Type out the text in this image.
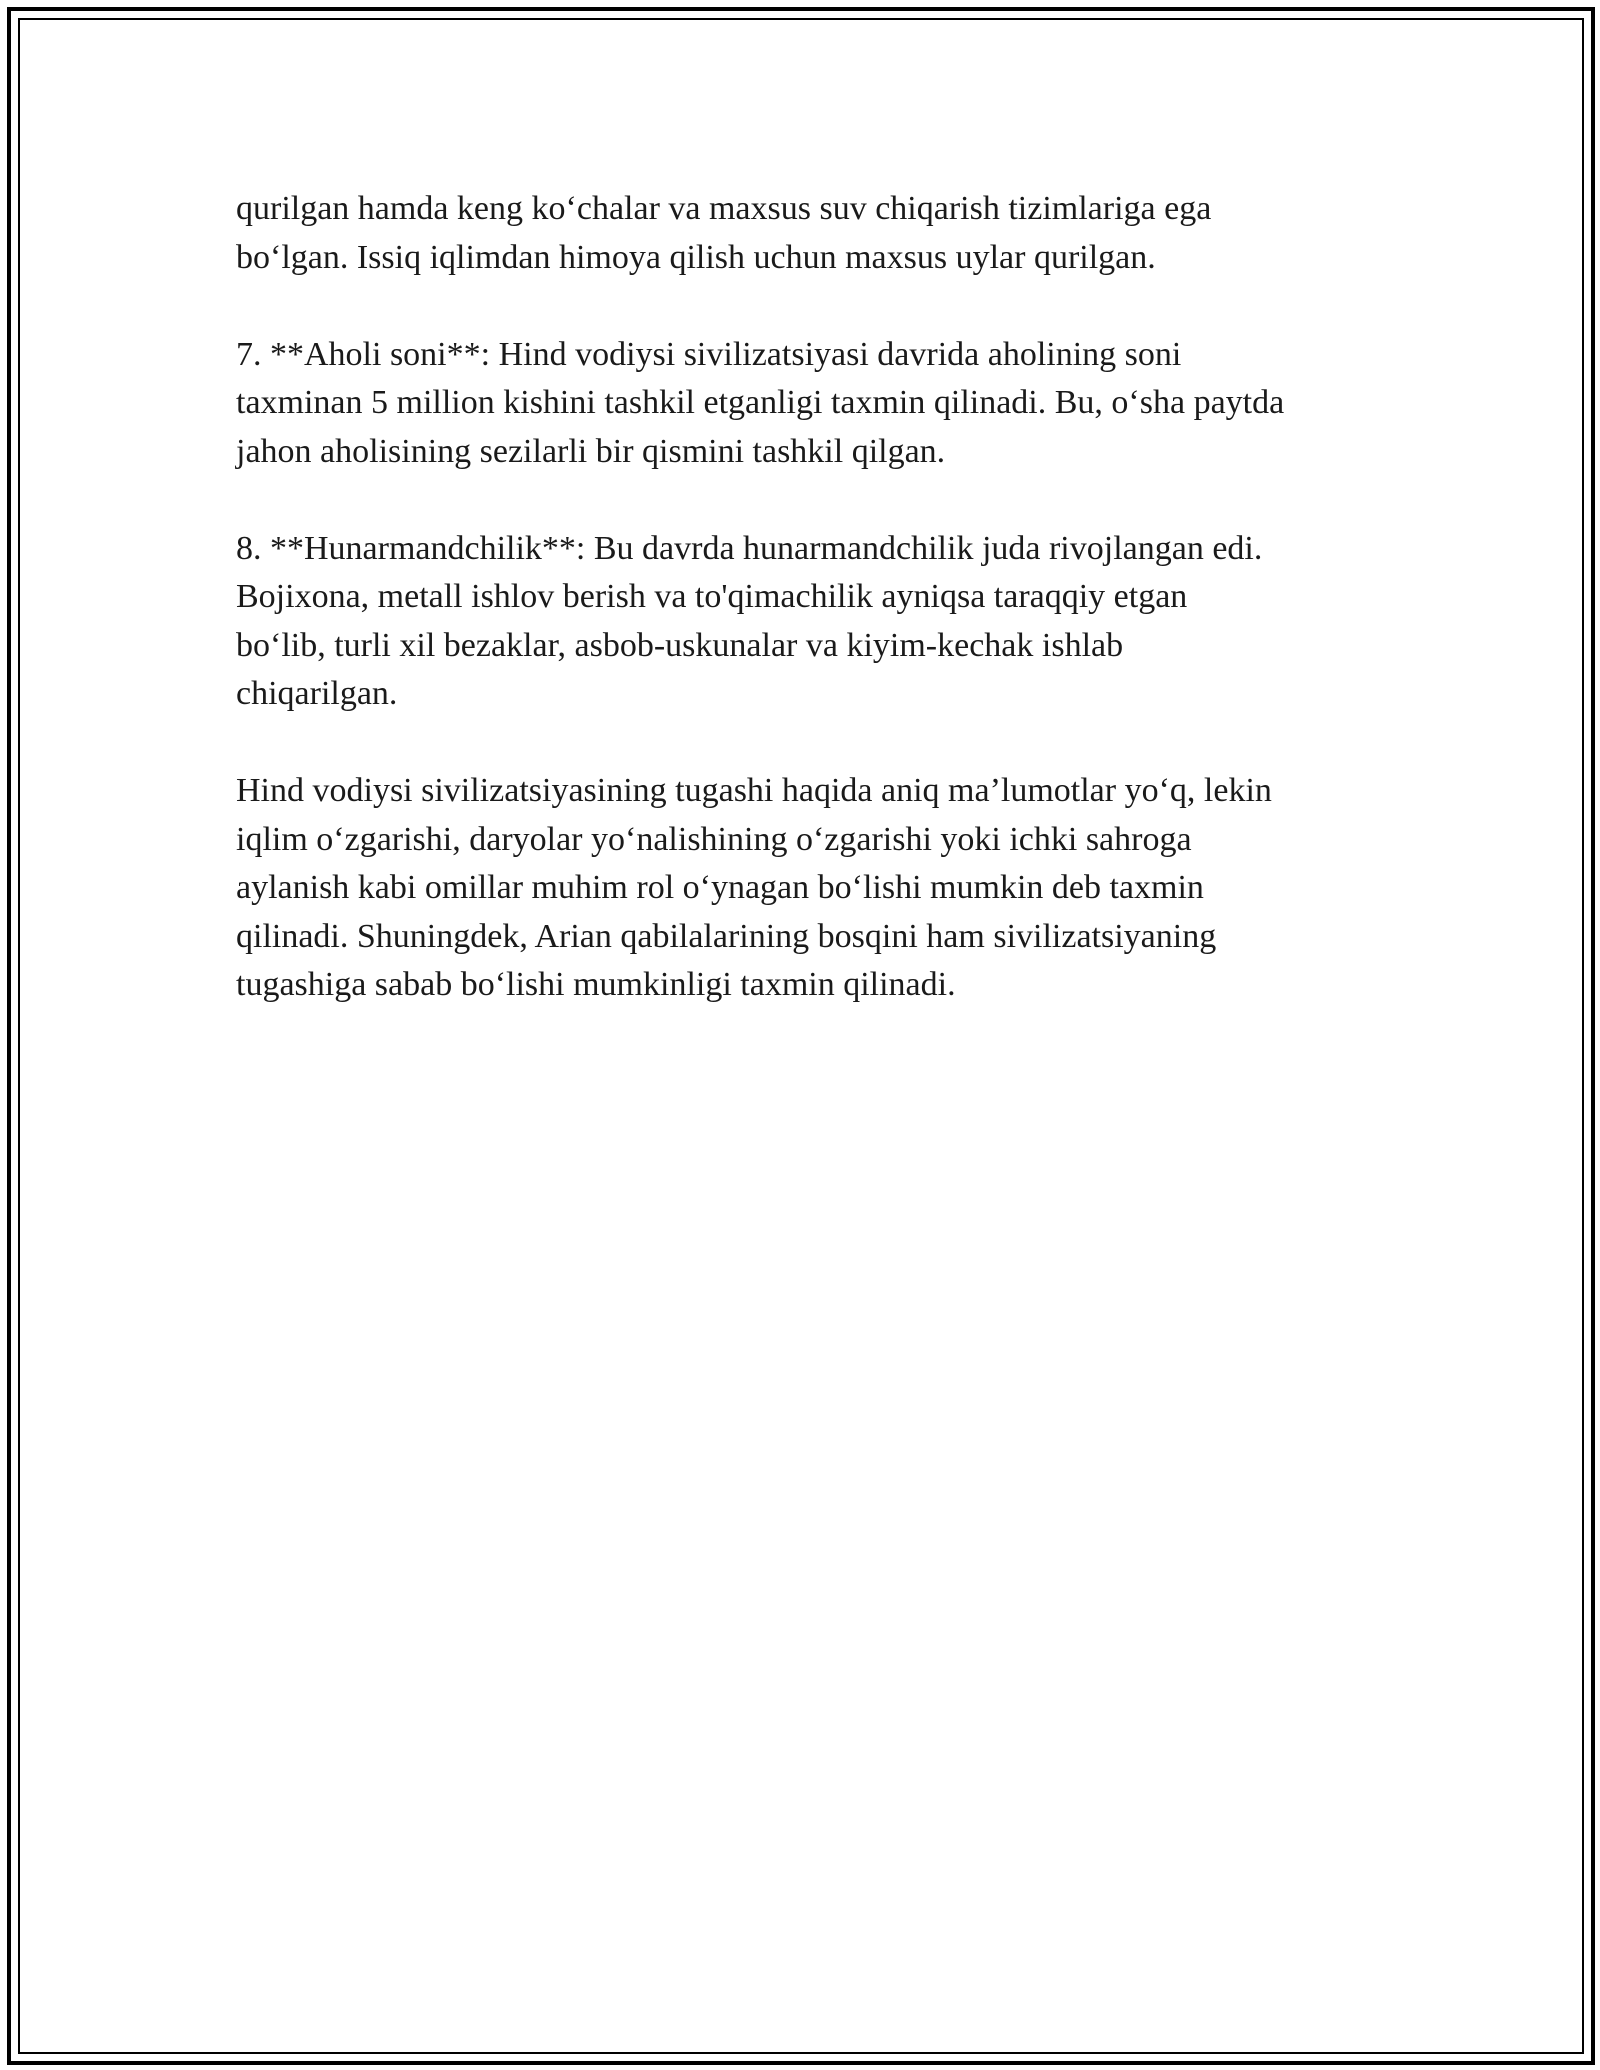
qurilgan hamda keng ko‘chalar va maxsus suv chiqarish tizimlariga ega
bo‘lgan. Issiq iqlimdan himoya qilish uchun maxsus uylar qurilgan.

7. **Aholi soni**: Hind vodiysi sivilizatsiyasi davrida aholining soni
taxminan 5 million kishini tashkil etganligi taxmin qilinadi. Bu, o‘sha paytda
jahon aholisining sezilarli bir qismini tashkil qilgan.

8. **Hunarmandchilik**: Bu davrda hunarmandchilik juda rivojlangan edi.
Bojixona, metall ishlov berish va to'qimachilik ayniqsa taraqqiy etgan
bo‘lib, turli xil bezaklar, asbob-uskunalar va kiyim-kechak ishlab
chiqarilgan.

Hind vodiysi sivilizatsiyasining tugashi haqida aniq ma’lumotlar yo‘q, lekin
iqlim o‘zgarishi, daryolar yo‘nalishining o‘zgarishi yoki ichki sahroga
aylanish kabi omillar muhim rol o‘ynagan bo‘lishi mumkin deb taxmin
qilinadi. Shuningdek, Arian qabilalarining bosqini ham sivilizatsiyaning
tugashiga sabab bo‘lishi mumkinligi taxmin qilinadi.
